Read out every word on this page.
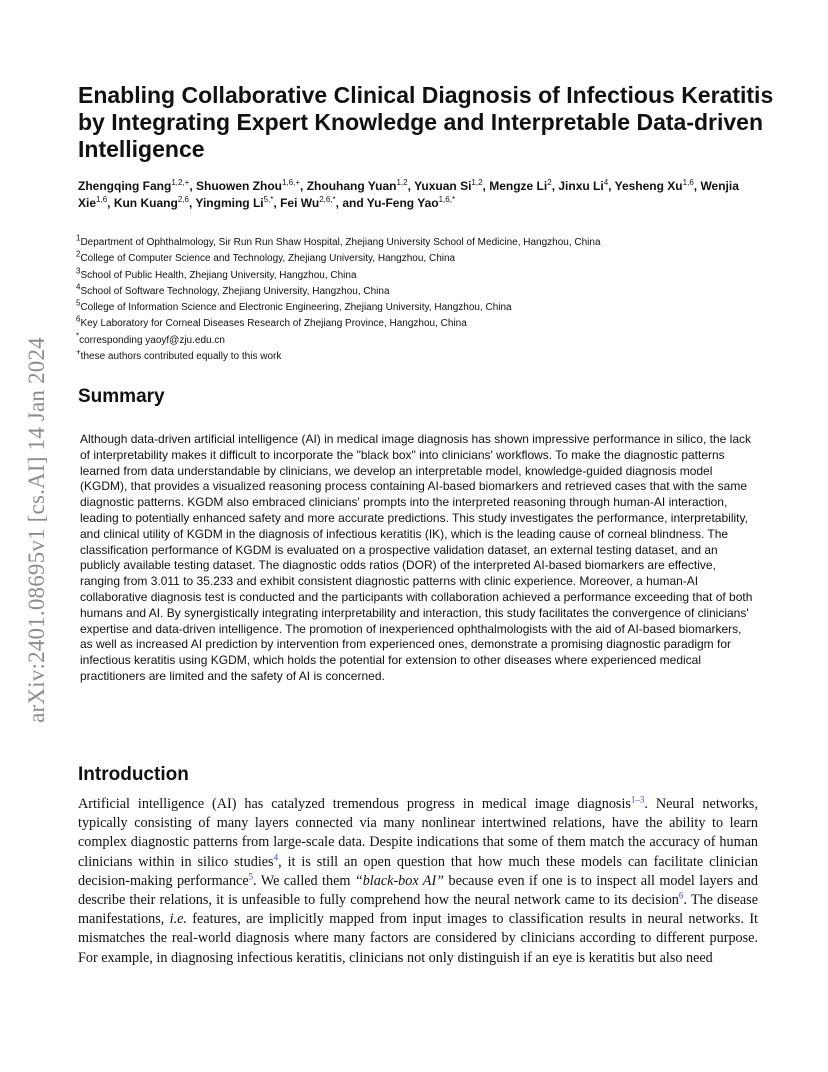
arXiv:2401.08695v1 [cs.AI] 14 Jan 2024
Enabling Collaborative Clinical Diagnosis of Infectious Keratitis by Integrating Expert Knowledge and Interpretable Data-driven Intelligence
Zhengqing Fang$^{1,2,+}$, Shuowen Zhou$^{1,6,+}$, Zhouhang Yuan$^{1,2}$, Yuxuan Si$^{1,2}$, Mengze Li$^2$, Jinxu Li$^4$, Yesheng Xu$^{1,6}$, Wenjia Xie$^{1,6}$, Kun Kuang$^{2,6}$, Yingming $Li^{5,*}$, Fei $Wu^{2,6,*}$, and Yu-Feng Yao$^{1,6,*}$
$^1$Department of Ophthalmology, Sir Run Run Shaw Hospital, Zhejiang University School of Medicine, Hangzhou, China
$^2$College of Computer Science and Technology, Zhejiang University, Hangzhou, China
$^3$School of Public Health, Zhejiang University, Hangzhou, China
$^4$School of Software Technology, Zhejiang University, Hangzhou, China
$^5$College of Information Science and Electronic Engineering, Zhejiang University, Hangzhou, China
$^6$Key Laboratory for Corneal Diseases Research of Zhejiang Province, Hangzhou, China
*corresponding yaoyf@zju.edu.cn
+these authors contributed equally to this work
Summary

Although data-driven artificial intelligence (AI) in medical image diagnosis has shown impressive performance in silico, the lack of interpretability makes it difficult to incorporate the "black box" into clinicians' workflows. To make the diagnostic patterns learned from data understandable by clinicians, we develop an interpretable model, knowledge-guided diagnosis model (KGDM), that provides a visualized reasoning process containing AI-based biomarkers and retrieved cases that with the same diagnostic patterns. KGDM also embraced clinicians' prompts into the interpreted reasoning through human-AI interaction, leading to potentially enhanced safety and more accurate predictions. This study investigates the performance, interpretability, and clinical utility of KGDM in the diagnosis of infectious keratitis (IK), which is the leading cause of corneal blindness. The classification performance of KGDM is evaluated on a prospective validation dataset, an external testing dataset, and an publicly available testing dataset. The diagnostic odds ratios (DOR) of the interpreted AI-based biomarkers are effective, ranging from 3.011 to 35.233 and exhibit consistent diagnostic patterns with clinic experience. Moreover, a human-AI collaborative diagnosis test is conducted and the participants with collaboration achieved a performance exceeding that of both humans and AI. By synergistically integrating interpretability and interaction, this study facilitates the convergence of clinicians' expertise and data-driven intelligence. The promotion of inexperienced ophthalmologists with the aid of AI-based biomarkers, as well as increased AI prediction by intervention from experienced ones, demonstrate a promising diagnostic paradigm for infectious keratitis using KGDM, which holds the potential for extension to other diseases where experienced medical practitioners are limited and the safety of AI is concerned.

Introduction

Artificial intelligence (AI) has catalyzed tremendous progress in medical image diagnosis$^{1-3}$. Neural networks, typically consisting of many layers connected via many nonlinear intertwined relations, have the ability to learn complex diagnostic patterns from large-scale data. Despite indications that some of them match the accuracy of human clinicians within in silico studies$^4$, it is still an open question that how much these models can facilitate clinician decision-making performance$^5$. We called them “black-box AI” because even if one is to inspect all model layers and describe their relations, it is unfeasible to fully comprehend how the neural network came to its decision$^6$. The disease manifestations, i.e. features, are implicitly mapped from input images to classification results in neural networks. It mismatches the real-world diagnosis where many factors are considered by clinicians according to different purpose. For example, in diagnosing infectious keratitis, clinicians not only distinguish if an eye is keratitis but also need
